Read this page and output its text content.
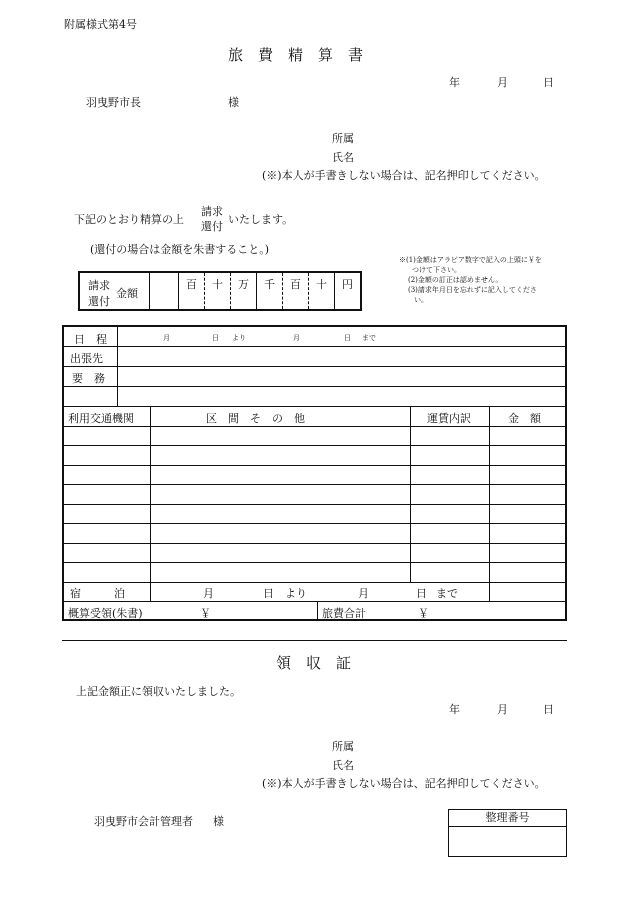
附属様式第4号
旅　費　精　算　書
年	月	日
羽曳野市長	様
所属
氏名
(※)本人が手書きしない場合は、記名押印してください。
下記のとおり精算の上
請求
還付
いたします。
(還付の場合は金額を朱書すること。)
請求
還付
金額
百	十	万	千	百	十	円
※(1)金額はアラビア数字で記入の上頭に￥を
つけて下さい。
(2)金額の訂正は認めません。
(3)請求年月日を忘れずに記入してくださ
い。
日　程	月	日 より	月	日 まで
出張先
要　務
利用交通機関	区　間　そ　の　他	運賃内訳	金　額
宿　　　泊	月	日 より	月	日 まで
概算受領(朱書)	￥	旅費合計	￥
領　収　証
上記金額正に領収いたしました。
年	月	日
所属
氏名
(※)本人が手書きしない場合は、記名押印してください。
羽曳野市会計管理者 様	整理番号
